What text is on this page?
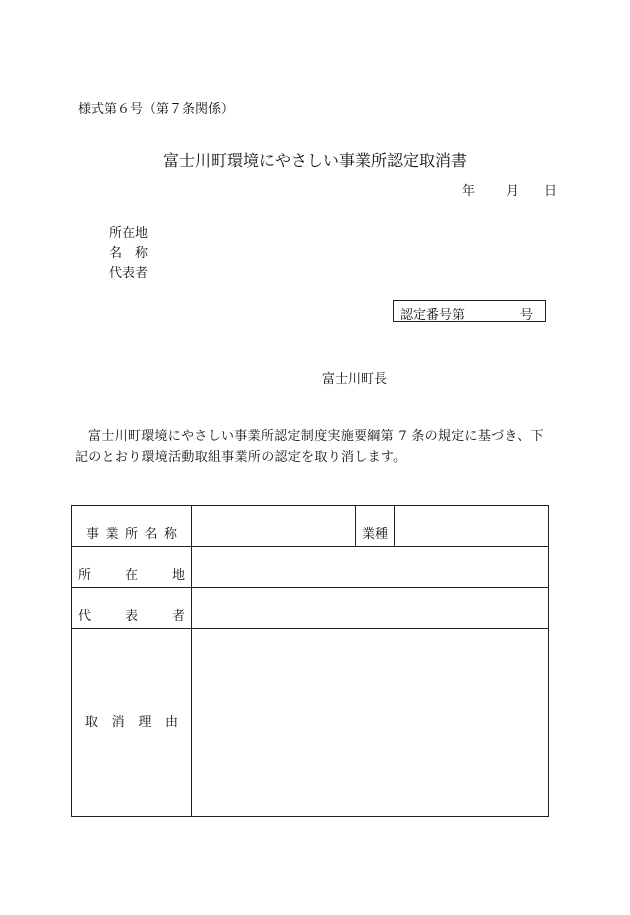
様式第６号（第７条関係）
富士川町環境にやさしい事業所認定取消書
年 月 日
所在地
名　称
代表者
認定番号第	号
富士川町長
富士川町環境にやさしい事業所認定制度実施要綱第 7 条の規定に基づき、下記のとおり環境活動取組事業所の認定を取り消します。
事 業 所 名 称		業種	

所 在 地			

代 表 者			

取 消 理 由			
